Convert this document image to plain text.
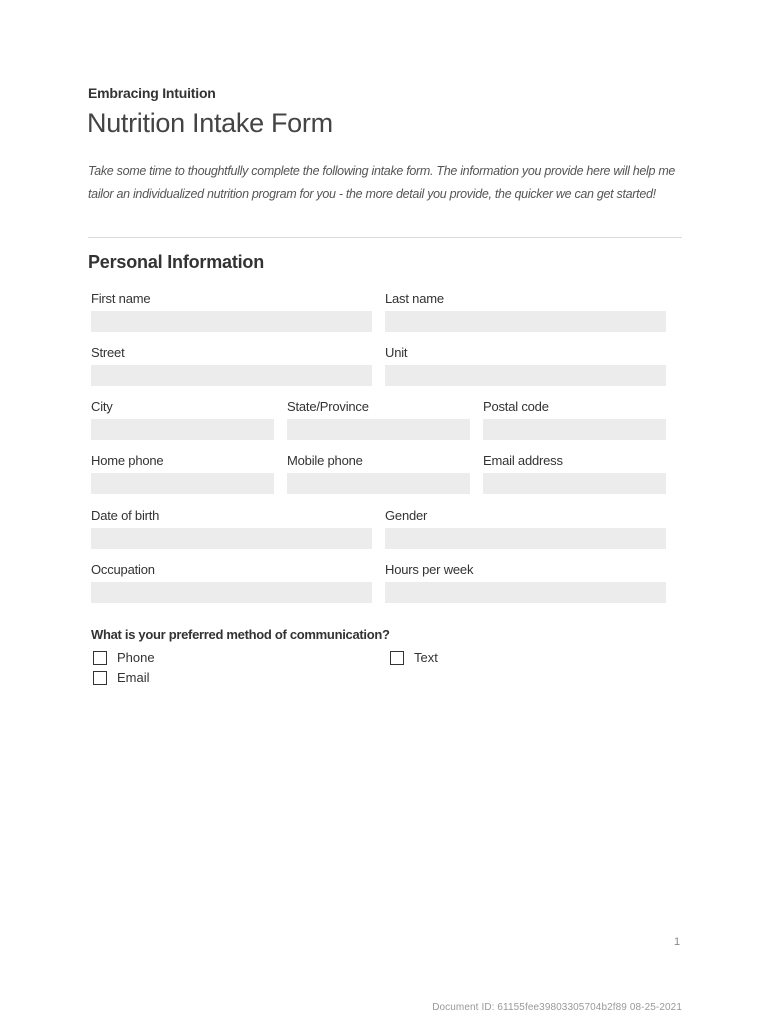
Embracing Intuition
Nutrition Intake Form
Take some time to thoughtfully complete the following intake form. The information you provide here will help me tailor an individualized nutrition program for you - the more detail you provide, the quicker we can get started!
Personal Information
First name	Last name
Street	Unit
City	State/Province	Postal code
Home phone	Mobile phone	Email address
Date of birth	Gender
Occupation	Hours per week
What is your preferred method of communication?
Phone	Text
Email
1
Document ID: 61155fee39803305704b2f89 08-25-2021
